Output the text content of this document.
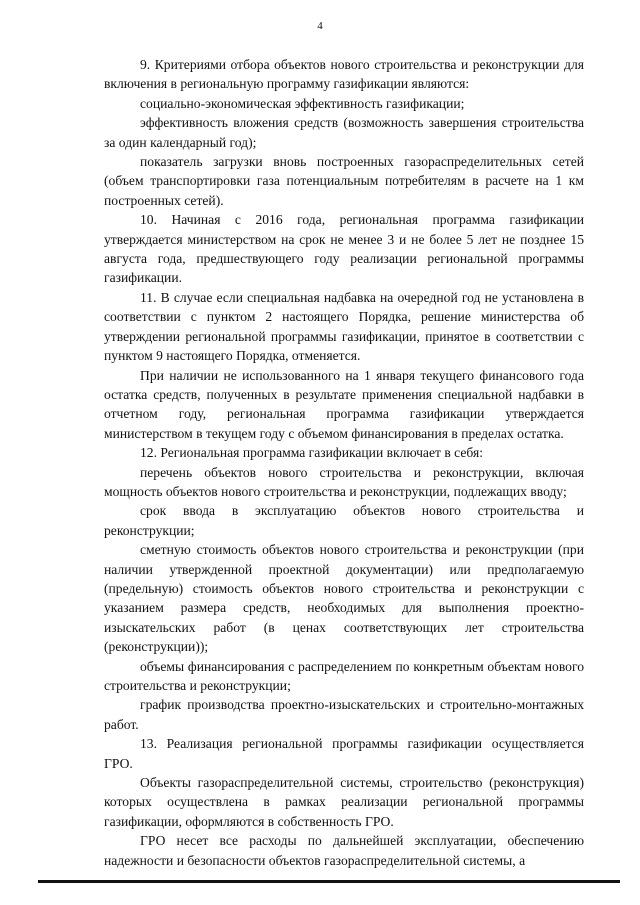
4

9. Критериями отбора объектов нового строительства и реконструкции для включения в региональную программу газификации являются:

социально-экономическая эффективность газификации;

эффективность вложения средств (возможность завершения строительства за один календарный год);

показатель загрузки вновь построенных газораспределительных сетей (объем транспортировки газа потенциальным потребителям в расчете на 1 км построенных сетей).

10. Начиная с 2016 года, региональная программа газификации утверждается министерством на срок не менее 3 и не более 5 лет не позднее 15 августа года, предшествующего году реализации региональной программы газификации.

11. В случае если специальная надбавка на очередной год не установлена в соответствии с пунктом 2 настоящего Порядка, решение министерства об утверждении региональной программы газификации, принятое в соответствии с пунктом 9 настоящего Порядка, отменяется.

При наличии не использованного на 1 января текущего финансового года остатка средств, полученных в результате применения специальной надбавки в отчетном году, региональная программа газификации утверждается министерством в текущем году с объемом финансирования в пределах остатка.

12. Региональная программа газификации включает в себя:

перечень объектов нового строительства и реконструкции, включая мощность объектов нового строительства и реконструкции, подлежащих вводу;

срок ввода в эксплуатацию объектов нового строительства и реконструкции;

сметную стоимость объектов нового строительства и реконструкции (при наличии утвержденной проектной документации) или предполагаемую (предельную) стоимость объектов нового строительства и реконструкции с указанием размера средств, необходимых для выполнения проектно-изыскательских работ (в ценах соответствующих лет строительства (реконструкции));

объемы финансирования с распределением по конкретным объектам нового строительства и реконструкции;

график производства проектно-изыскательских и строительно-монтажных работ.

13. Реализация региональной программы газификации осуществляется ГРО.

Объекты газораспределительной системы, строительство (реконструкция) которых осуществлена в рамках реализации региональной программы газификации, оформляются в собственность ГРО.

ГРО несет все расходы по дальнейшей эксплуатации, обеспечению надежности и безопасности объектов газораспределительной системы, а
